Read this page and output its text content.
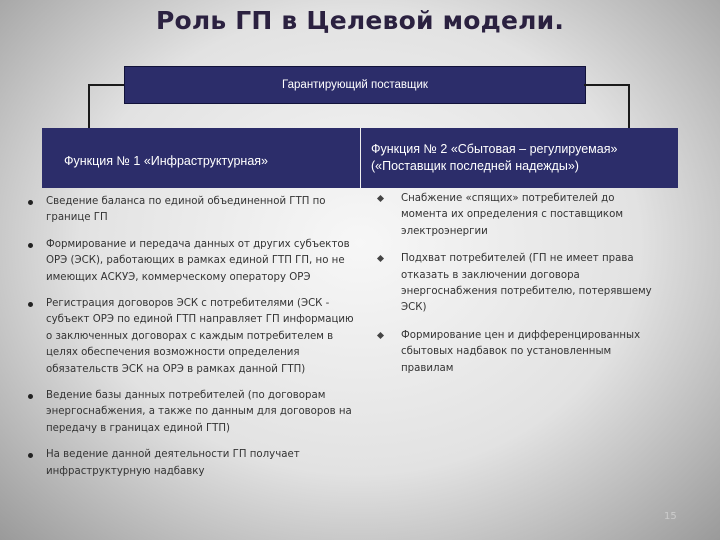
Роль ГП в Целевой модели.
Гарантирующий поставщик
Функция № 1 «Инфраструктурная»
Функция № 2 «Сбытовая – регулируемая»
(«Поставщик последней надежды»)
Сведение баланса по единой объединенной ГТП по границе ГП
Формирование и передача данных от других субъектов ОРЭ (ЭСК), работающих в рамках единой ГТП ГП, но не имеющих АСКУЭ, коммерческому оператору ОРЭ
Регистрация договоров ЭСК с потребителями (ЭСК - субъект ОРЭ по единой ГТП направляет ГП информацию о заключенных договорах с каждым потребителем в целях обеспечения возможности определения обязательств ЭСК на ОРЭ в рамках данной ГТП)
Ведение базы данных потребителей (по договорам энергоснабжения, а также по данным для договоров на передачу в границах единой ГТП)
На ведение данной деятельности ГП получает инфраструктурную надбавку
Снабжение «спящих» потребителей до момента их определения с поставщиком электроэнергии
Подхват потребителей (ГП не имеет права отказать в заключении договора энергоснабжения потребителю, потерявшему ЭСК)
Формирование цен и дифференцированных сбытовых надбавок по установленным правилам
15
